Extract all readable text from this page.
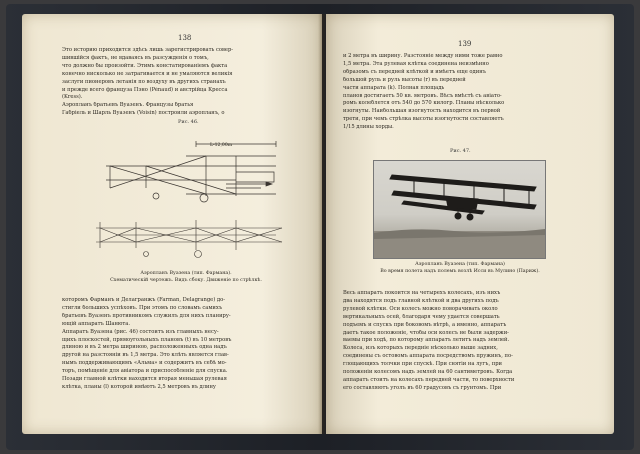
138
Это историю приходится здѣсь лишь зарегистрировать совер-
шившійся фактъ, не вдаваясь въ разсужденія о томъ,
что должно бы произойти. Этимъ констатированіемъ факта
конечно нисколько не затрагивается и не умаляются великія
заслуги пионеровъ летанія по воздуху въ другихъ странахъ
и прежде всего француза Пэно (Pénaud) и австрійца Кресса
(Kress).
Аэропланъ братьевъ Вуазенъ. Французы братья
Габріель и Шарль Вуазенъ (Voisin) построили аэропланъ, о
Рис. 46.
L-12,00m
Аэропланъ Вуазена (тип. Фармана).
Схематическій чертежъ. Видъ сбоку. Движеніе по стрѣлкѣ.
которомъ Фарманъ и Делагранжъ (Farman, Delagrange) до-
стигли большихъ успѣховъ. При этомъ по словамъ самихъ
братьевъ Вуазенъ противникомъ служилъ для нихъ планиру-
ющій аппаратъ Шанюта.
Аппаратъ Вуазена (рис. 46) состоитъ изъ главныхъ несу-
щихъ плоскостей, прямоугольныхъ плановъ (t) въ 10 метровъ
длиною и въ 2 метра шириною, расположенныхъ одна надъ
другой на разстояніи въ 1,5 метра. Это клѣть является глав-
нымъ поддерживающимъ «Альма» и содержитъ въ себѣ мо-
торъ, помѣщеніе для авіатора и приспособленіе для спуска.
Позади главной клѣтки находится вторая меньшая рулевая
клѣтка, планы (l) которой имѣютъ 2,5 метровъ въ длину
139
и 2 метра въ ширину. Разстояніе между ними тоже равно
1,5 метра. Эта рулевая клѣтка соединена неизмѣнно
образомъ съ передней клѣткой и имѣетъ еще одинъ
большой руль и руль высоты (r) въ передней
части аппарата (k). Полная площадь
планов достигаетъ 50 кв. метровъ. Вѣсъ вмѣстѣ съ авіато-
ромъ колеблется отъ 540 до 570 килогр. Планы нѣсколько
изогнуты. Наибольшая изогнутость находится въ первой
трети, при чемъ стрѣлка высоты изогнутости составляетъ
1/15 длины хорды.
Рис. 47.
Аэропланъ Вуазена (тип. Фармана)
Во время полета надъ полемъ возлѣ Исси въ Мулино (Париж).
Весь аппаратъ покоится на четырехъ колесахъ, изъ нихъ
два находятся подъ главной клѣткой и два другихъ подъ
рулевой клѣтки. Оси колесъ можно поворачивать около
вертикальныхъ осей, благодаря чему удается совершать
подъемъ и спускъ при боковомъ вѣтрѣ, а именно, аппаратъ
даетъ такое положеніе, чтобы оси колесъ не были задержи-
ваемы при ходѣ, по которому аппаратъ летитъ надъ землей.
Колеса, изъ которыхъ передніе нѣсколько выше задних,
соединены съ остовомъ аппарата посредствомъ пружинъ, по-
глощающихъ толчки при спускѣ. При снятіи на лугъ, при
положеніи колесомъ надъ землей на 60 сантиметровъ. Когда
аппаратъ стоитъ на колесахъ передней части, то поверхности
его составляютъ уголъ въ 60 градусовъ съ грунтомъ. При
